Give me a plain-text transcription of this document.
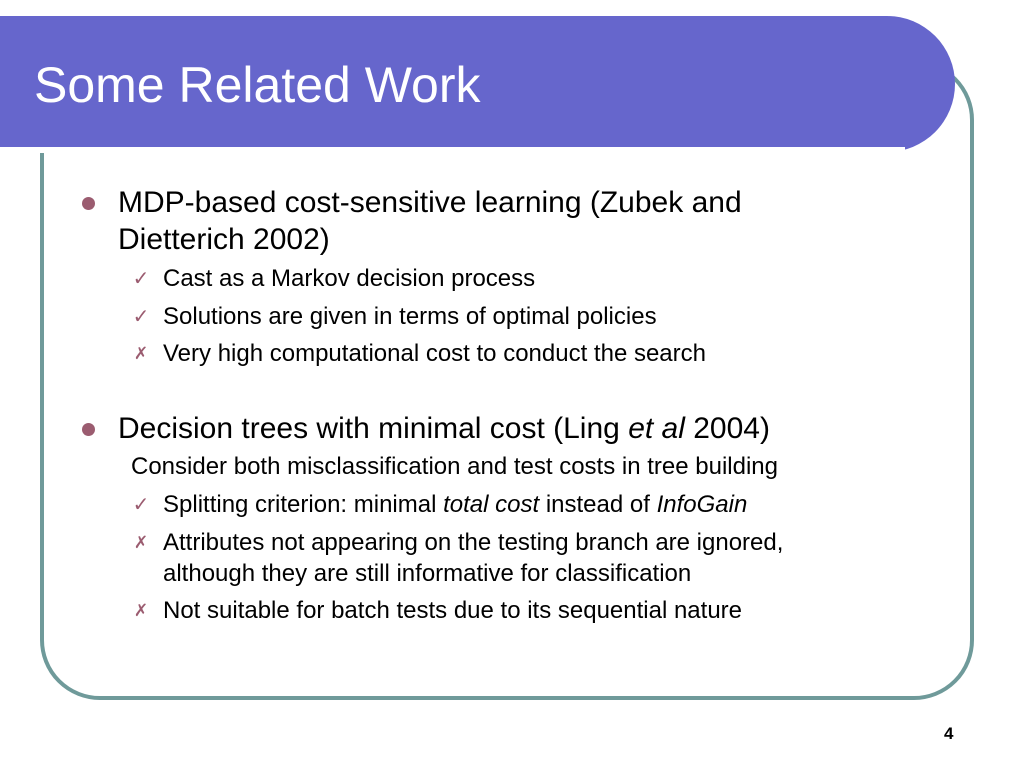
Some Related Work
MDP-based cost-sensitive learning (Zubek and
Dietterich 2002)
✓ Cast as a Markov decision process
✓ Solutions are given in terms of optimal policies
✗ Very high computational cost to conduct the search
Decision trees with minimal cost (Ling et al 2004)
Consider both misclassification and test costs in tree building
✓ Splitting criterion: minimal total cost instead of InfoGain
✗ Attributes not appearing on the testing branch are ignored,
although they are still informative for classification
✗ Not suitable for batch tests due to its sequential nature
4
